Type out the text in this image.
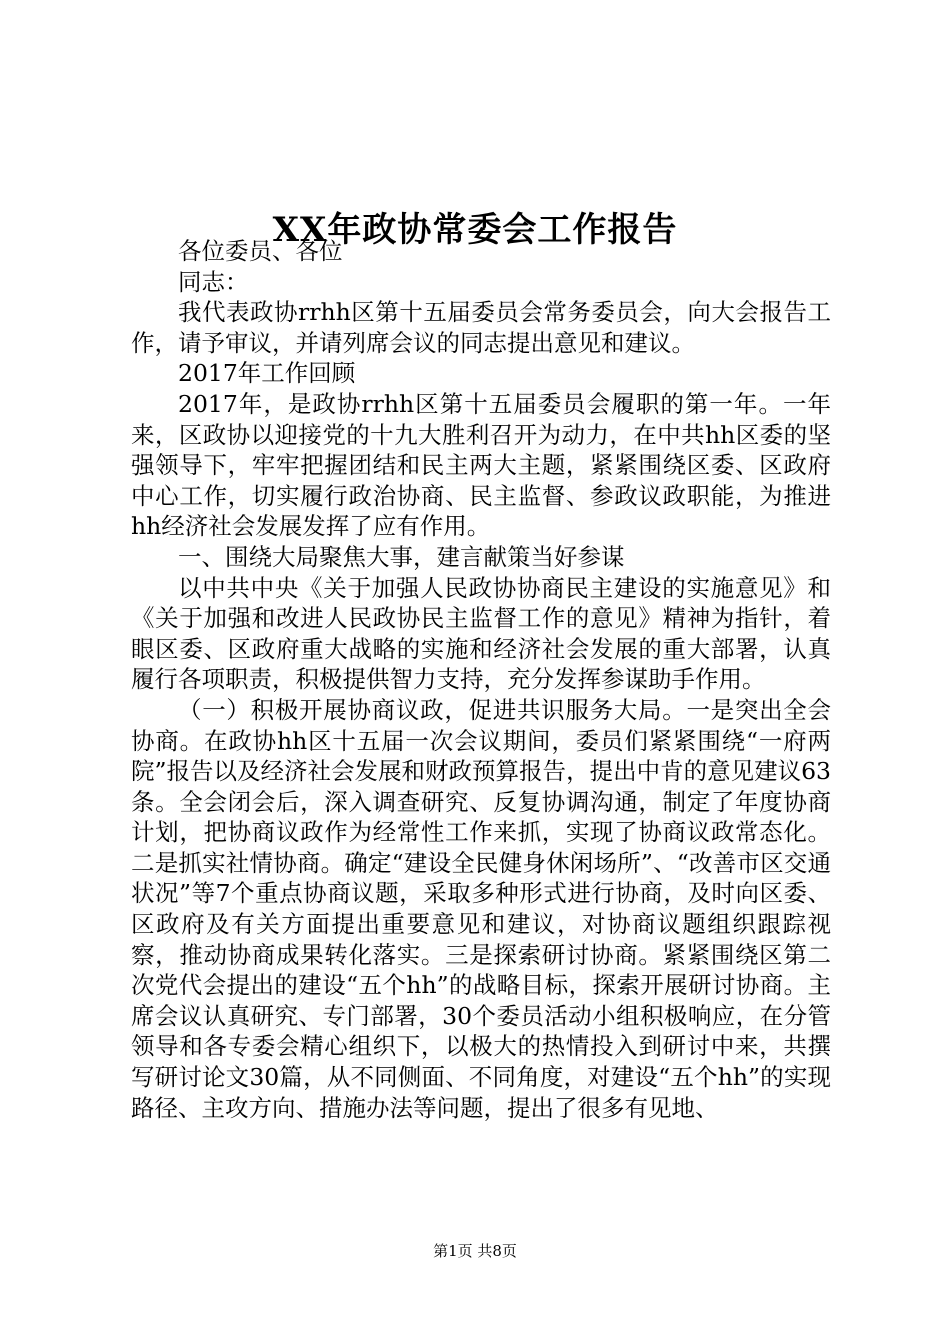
XX年政协常委会工作报告

各位委员、各位

同志：

我代表政协rrhh区第十五届委员会常务委员会，向大会报告工作，请予审议，并请列席会议的同志提出意见和建议。

2017年工作回顾

2017年，是政协rrhh区第十五届委员会履职的第一年。一年来，区政协以迎接党的十九大胜利召开为动力，在中共hh区委的坚强领导下，牢牢把握团结和民主两大主题，紧紧围绕区委、区政府中心工作，切实履行政治协商、民主监督、参政议政职能，为推进hh经济社会发展发挥了应有作用。

一、围绕大局聚焦大事，建言献策当好参谋

以中共中央《关于加强人民政协协商民主建设的实施意见》和《关于加强和改进人民政协民主监督工作的意见》精神为指针，着眼区委、区政府重大战略的实施和经济社会发展的重大部署，认真履行各项职责，积极提供智力支持，充分发挥参谋助手作用。

（一）积极开展协商议政，促进共识服务大局。一是突出全会协商。在政协hh区十五届一次会议期间，委员们紧紧围绕“一府两院”报告以及经济社会发展和财政预算报告，提出中肯的意见建议63条。全会闭会后，深入调查研究、反复协调沟通，制定了年度协商计划，把协商议政作为经常性工作来抓，实现了协商议政常态化。二是抓实社情协商。确定“建设全民健身休闲场所”、“改善市区交通状况”等7个重点协商议题，采取多种形式进行协商，及时向区委、区政府及有关方面提出重要意见和建议，对协商议题组织跟踪视察，推动协商成果转化落实。三是探索研讨协商。紧紧围绕区第二次党代会提出的建设“五个hh”的战略目标，探索开展研讨协商。主席会议认真研究、专门部署，30个委员活动小组积极响应，在分管领导和各专委会精心组织下，以极大的热情投入到研讨中来，共撰写研讨论文30篇，从不同侧面、不同角度，对建设“五个hh”的实现路径、主攻方向、措施办法等问题，提出了很多有见地、

第1页 共8页
